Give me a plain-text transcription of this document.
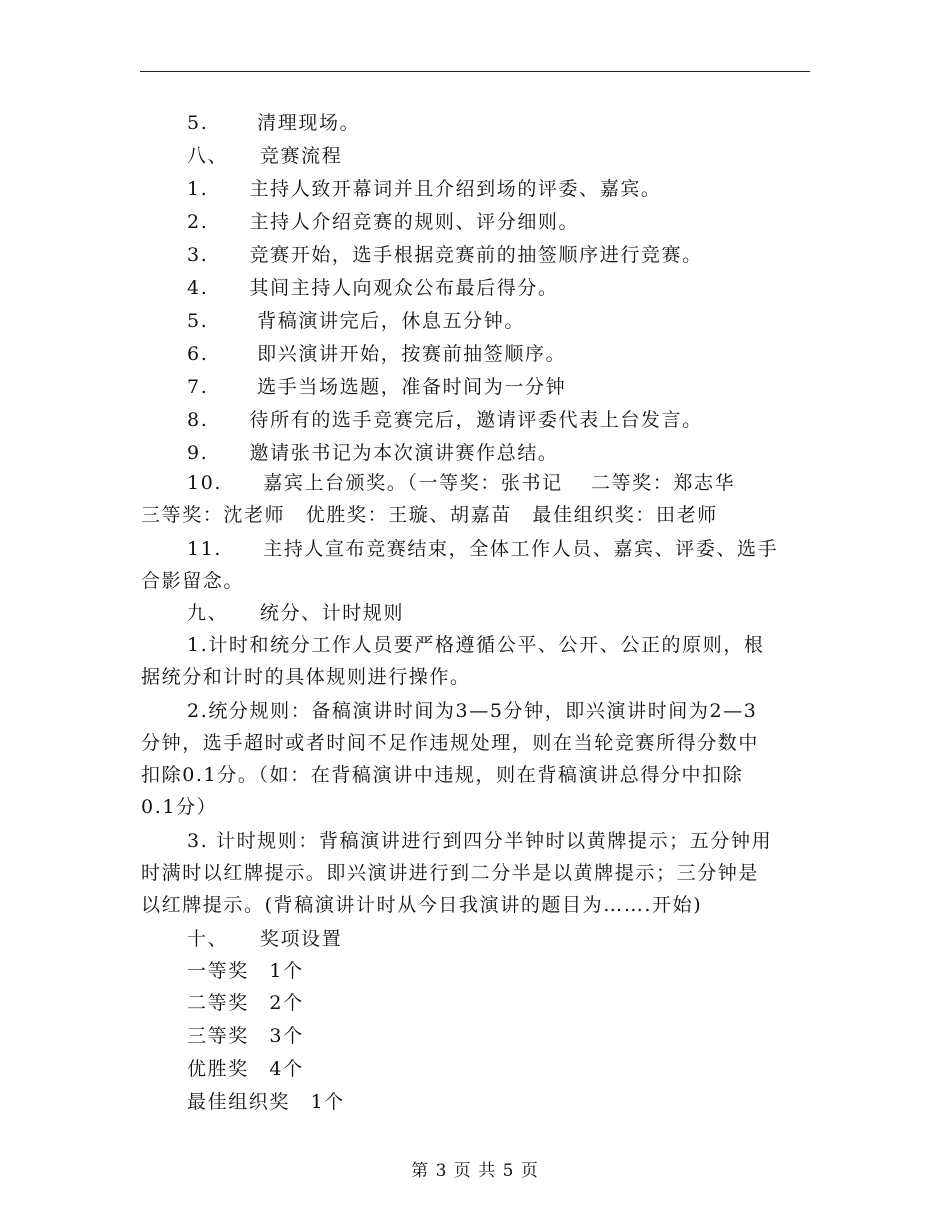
5.　　 清理现场。
八、　　竞赛流程
1.　　主持人致开幕词并且介绍到场的评委、嘉宾。
2.　　主持人介绍竞赛的规则、评分细则。
3.　　竞赛开始，选手根据竞赛前的抽签顺序进行竞赛。
4.　　其间主持人向观众公布最后得分。
5.　　 背稿演讲完后，休息五分钟。
6.　　 即兴演讲开始，按赛前抽签顺序。
7.　　 选手当场选题，准备时间为一分钟
8.　　待所有的选手竞赛完后，邀请评委代表上台发言。
9.　　邀请张书记为本次演讲赛作总结。
10.　　嘉宾上台颁奖。（一等奖：张书记　 二等奖：郑志华
三等奖：沈老师　优胜奖：王璇、胡嘉苗　最佳组织奖：田老师
11.　　主持人宣布竞赛结束，全体工作人员、嘉宾、评委、选手
合影留念。
九、　　统分、计时规则
1.计时和统分工作人员要严格遵循公平、公开、公正的原则，根
据统分和计时的具体规则进行操作。
2.统分规则：备稿演讲时间为3—5分钟，即兴演讲时间为2—3
分钟，选手超时或者时间不足作违规处理，则在当轮竞赛所得分数中
扣除0.1分。（如：在背稿演讲中违规，则在背稿演讲总得分中扣除
0.1分）
3. 计时规则：背稿演讲进行到四分半钟时以黄牌提示；五分钟用
时满时以红牌提示。即兴演讲进行到二分半是以黄牌提示；三分钟是
以红牌提示。(背稿演讲计时从今日我演讲的题目为…….开始)
十、　　奖项设置
一等奖　1个
二等奖　2个
三等奖　3个
优胜奖　4个
最佳组织奖　1个
第 3 页 共 5 页
